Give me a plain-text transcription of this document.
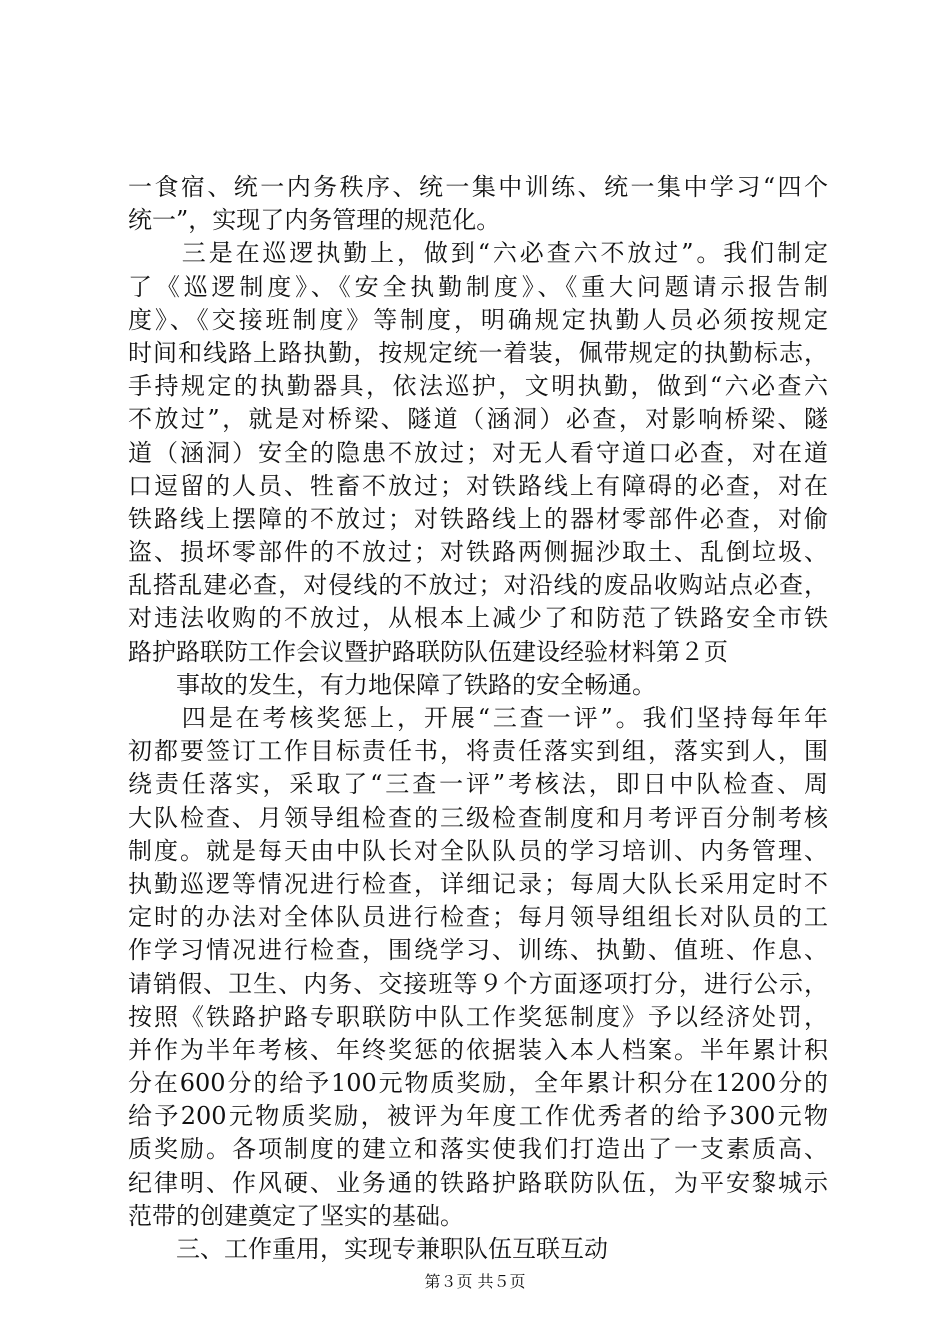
一食宿、统一内务秩序、统一集中训练、统一集中学习“四个
统一”，实现了内务管理的规范化。
　　三是在巡逻执勤上，做到“六必查六不放过”。我们制定
了《巡逻制度》、《安全执勤制度》、《重大问题请示报告制
度》、《交接班制度》等制度，明确规定执勤人员必须按规定
时间和线路上路执勤，按规定统一着装，佩带规定的执勤标志，
手持规定的执勤器具，依法巡护，文明执勤，做到“六必查六
不放过”，就是对桥梁、隧道（涵洞）必查，对影响桥梁、隧
道（涵洞）安全的隐患不放过；对无人看守道口必查，对在道
口逗留的人员、牲畜不放过；对铁路线上有障碍的必查，对在
铁路线上摆障的不放过；对铁路线上的器材零部件必查，对偷
盗、损坏零部件的不放过；对铁路两侧掘沙取土、乱倒垃圾、
乱搭乱建必查，对侵线的不放过；对沿线的废品收购站点必查，
对违法收购的不放过，从根本上减少了和防范了铁路安全市铁
路护路联防工作会议暨护路联防队伍建设经验材料第２页
　　事故的发生，有力地保障了铁路的安全畅通。
　　四是在考核奖惩上，开展“三查一评”。我们坚持每年年
初都要签订工作目标责任书，将责任落实到组，落实到人，围
绕责任落实，采取了“三查一评”考核法，即日中队检查、周
大队检查、月领导组检查的三级检查制度和月考评百分制考核
制度。就是每天由中队长对全队队员的学习培训、内务管理、
执勤巡逻等情况进行检查，详细记录；每周大队长采用定时不
定时的办法对全体队员进行检查；每月领导组组长对队员的工
作学习情况进行检查，围绕学习、训练、执勤、值班、作息、
请销假、卫生、内务、交接班等９个方面逐项打分，进行公示，
按照《铁路护路专职联防中队工作奖惩制度》予以经济处罚，
并作为半年考核、年终奖惩的依据装入本人档案。半年累计积
分在600分的给予100元物质奖励，全年累计积分在1200分的
给予200元物质奖励，被评为年度工作优秀者的给予300元物
质奖励。各项制度的建立和落实使我们打造出了一支素质高、
纪律明、作风硬、业务通的铁路护路联防队伍，为平安黎城示
范带的创建奠定了坚实的基础。
　　三、工作重用，实现专兼职队伍互联互动
第３页 共５页
